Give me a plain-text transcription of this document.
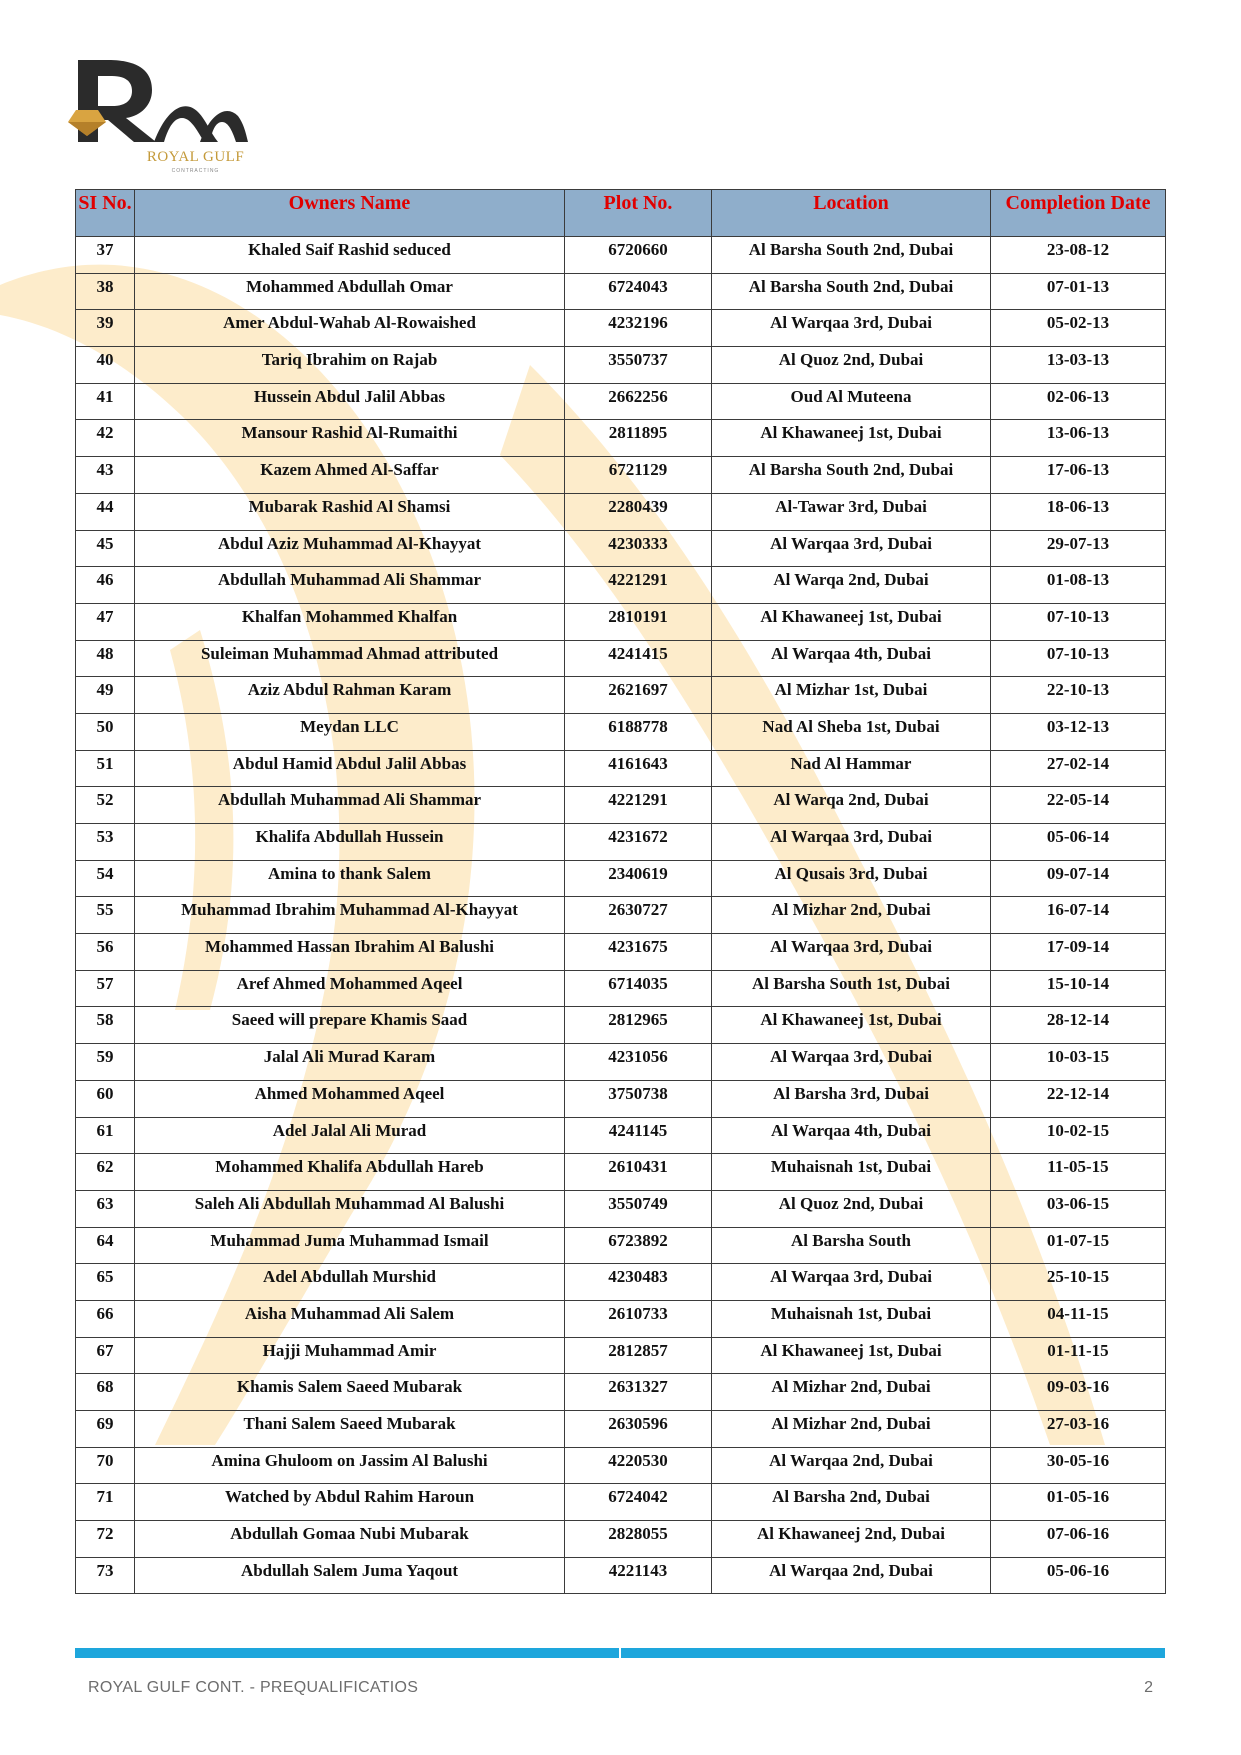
ROYAL GULF
CONTRACTING
SI No.	Owners Name	Plot No.	Location	Completion Date
37	Khaled Saif Rashid seduced	6720660	Al Barsha South 2nd, Dubai	23-08-12
38	Mohammed Abdullah Omar	6724043	Al Barsha South 2nd, Dubai	07-01-13
39	Amer Abdul-Wahab Al-Rowaished	4232196	Al Warqaa 3rd, Dubai	05-02-13
40	Tariq Ibrahim on Rajab	3550737	Al Quoz 2nd, Dubai	13-03-13
41	Hussein Abdul Jalil Abbas	2662256	Oud Al Muteena	02-06-13
42	Mansour Rashid Al-Rumaithi	2811895	Al Khawaneej 1st, Dubai	13-06-13
43	Kazem Ahmed Al-Saffar	6721129	Al Barsha South 2nd, Dubai	17-06-13
44	Mubarak Rashid Al Shamsi	2280439	Al-Tawar 3rd, Dubai	18-06-13
45	Abdul Aziz Muhammad Al-Khayyat	4230333	Al Warqaa 3rd, Dubai	29-07-13
46	Abdullah Muhammad Ali Shammar	4221291	Al Warqa 2nd, Dubai	01-08-13
47	Khalfan Mohammed Khalfan	2810191	Al Khawaneej 1st, Dubai	07-10-13
48	Suleiman Muhammad Ahmad attributed	4241415	Al Warqaa 4th, Dubai	07-10-13
49	Aziz Abdul Rahman Karam	2621697	Al Mizhar 1st, Dubai	22-10-13
50	Meydan LLC	6188778	Nad Al Sheba 1st, Dubai	03-12-13
51	Abdul Hamid Abdul Jalil Abbas	4161643	Nad Al Hammar	27-02-14
52	Abdullah Muhammad Ali Shammar	4221291	Al Warqa 2nd, Dubai	22-05-14
53	Khalifa Abdullah Hussein	4231672	Al Warqaa 3rd, Dubai	05-06-14
54	Amina to thank Salem	2340619	Al Qusais 3rd, Dubai	09-07-14
55	Muhammad Ibrahim Muhammad Al-Khayyat	2630727	Al Mizhar 2nd, Dubai	16-07-14
56	Mohammed Hassan Ibrahim Al Balushi	4231675	Al Warqaa 3rd, Dubai	17-09-14
57	Aref Ahmed Mohammed Aqeel	6714035	Al Barsha South 1st, Dubai	15-10-14
58	Saeed will prepare Khamis Saad	2812965	Al Khawaneej 1st, Dubai	28-12-14
59	Jalal Ali Murad Karam	4231056	Al Warqaa 3rd, Dubai	10-03-15
60	Ahmed Mohammed Aqeel	3750738	Al Barsha 3rd, Dubai	22-12-14
61	Adel Jalal Ali Murad	4241145	Al Warqaa 4th, Dubai	10-02-15
62	Mohammed Khalifa Abdullah Hareb	2610431	Muhaisnah 1st, Dubai	11-05-15
63	Saleh Ali Abdullah Muhammad Al Balushi	3550749	Al Quoz 2nd, Dubai	03-06-15
64	Muhammad Juma Muhammad Ismail	6723892	Al Barsha South	01-07-15
65	Adel Abdullah Murshid	4230483	Al Warqaa 3rd, Dubai	25-10-15
66	Aisha Muhammad Ali Salem	2610733	Muhaisnah 1st, Dubai	04-11-15
67	Hajji Muhammad Amir	2812857	Al Khawaneej 1st, Dubai	01-11-15
68	Khamis Salem Saeed Mubarak	2631327	Al Mizhar 2nd, Dubai	09-03-16
69	Thani Salem Saeed Mubarak	2630596	Al Mizhar 2nd, Dubai	27-03-16
70	Amina Ghuloom on Jassim Al Balushi	4220530	Al Warqaa 2nd, Dubai	30-05-16
71	Watched by Abdul Rahim Haroun	6724042	Al Barsha 2nd, Dubai	01-05-16
72	Abdullah Gomaa Nubi Mubarak	2828055	Al Khawaneej 2nd, Dubai	07-06-16
73	Abdullah Salem Juma Yaqout	4221143	Al Warqaa 2nd, Dubai	05-06-16
ROYAL GULF CONT. - PREQUALIFICATIOS	2
